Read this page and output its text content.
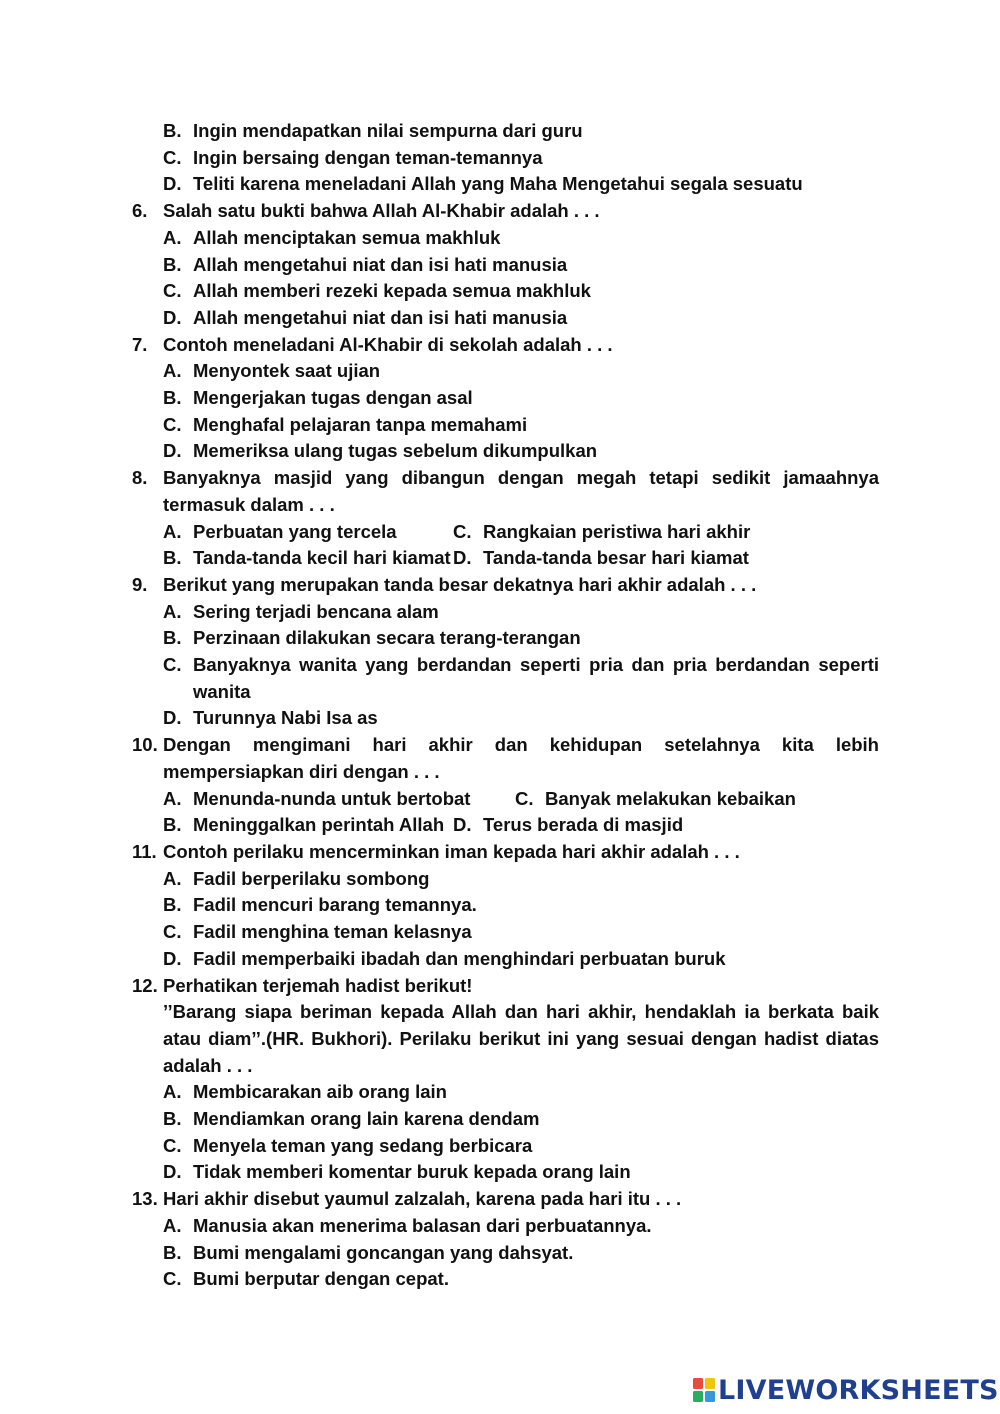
B. Ingin mendapatkan nilai sempurna dari guru
C. Ingin bersaing dengan teman-temannya
D. Teliti karena meneladani Allah yang Maha Mengetahui segala sesuatu
6. Salah satu bukti bahwa Allah Al-Khabir adalah . . .
A. Allah menciptakan semua makhluk
B. Allah mengetahui niat dan isi hati manusia
C. Allah memberi rezeki kepada semua makhluk
D. Allah mengetahui niat dan isi hati manusia
7. Contoh meneladani Al-Khabir di sekolah adalah . . .
A. Menyontek saat ujian
B. Mengerjakan tugas dengan asal
C. Menghafal pelajaran tanpa memahami
D. Memeriksa ulang tugas sebelum dikumpulkan
8. Banyaknya masjid yang dibangun dengan megah tetapi sedikit jamaahnya termasuk dalam . . .
A. Perbuatan yang tercela	C. Rangkaian peristiwa hari akhir
B. Tanda-tanda kecil hari kiamat D. Tanda-tanda besar hari kiamat
9. Berikut yang merupakan tanda besar dekatnya hari akhir adalah . . .
A. Sering terjadi bencana alam
B. Perzinaan dilakukan secara terang-terangan
C. Banyaknya wanita yang berdandan seperti pria dan pria berdandan seperti wanita
D. Turunnya Nabi Isa as
10. Dengan mengimani hari akhir dan kehidupan setelahnya kita lebih mempersiapkan diri dengan . . .
A. Menunda-nunda untuk bertobat C. Banyak melakukan kebaikan
B. Meninggalkan perintah Allah D. Terus berada di masjid
11. Contoh perilaku mencerminkan iman kepada hari akhir adalah . . .
A. Fadil berperilaku sombong
B. Fadil mencuri barang temannya.
C. Fadil menghina teman kelasnya
D. Fadil memperbaiki ibadah dan menghindari perbuatan buruk
12. Perhatikan terjemah hadist berikut!
’’Barang siapa beriman kepada Allah dan hari akhir, hendaklah ia berkata baik atau diam’’.(HR. Bukhori). Perilaku berikut ini yang sesuai dengan hadist diatas adalah . . .
A. Membicarakan aib orang lain
B. Mendiamkan orang lain karena dendam
C. Menyela teman yang sedang berbicara
D. Tidak memberi komentar buruk kepada orang lain
13. Hari akhir disebut yaumul zalzalah, karena pada hari itu . . .
A. Manusia akan menerima balasan dari perbuatannya.
B. Bumi mengalami goncangan yang dahsyat.
C. Bumi berputar dengan cepat.
LIVEWORKSHEETS
